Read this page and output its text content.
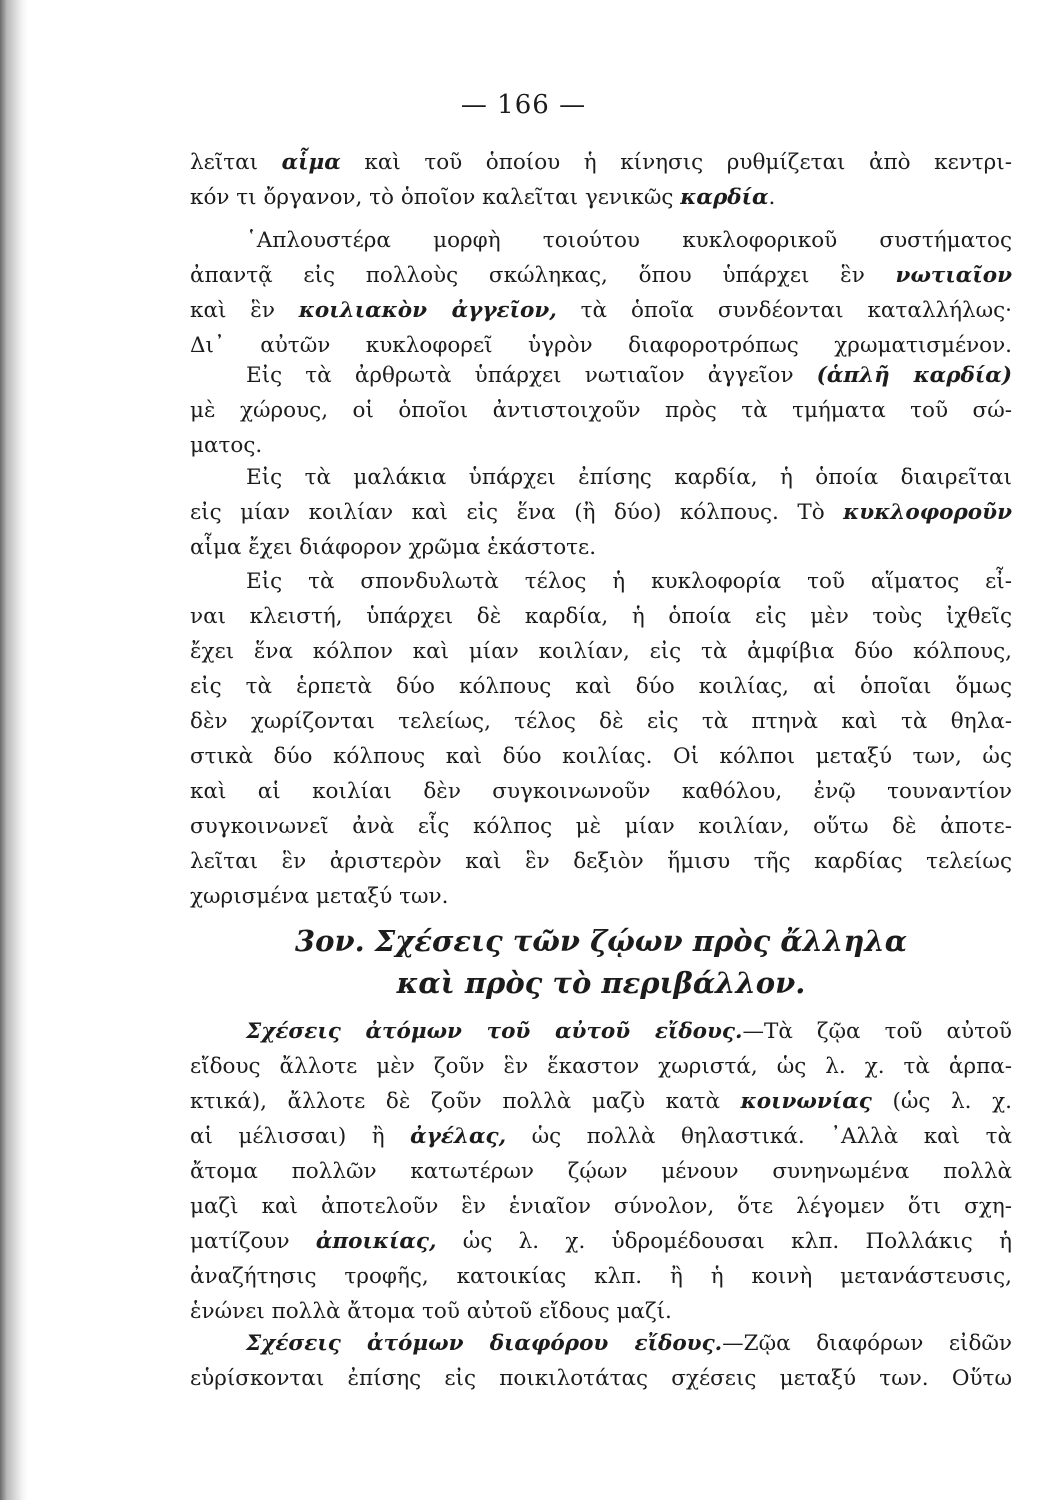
— 166 —
λεῖται αἷμα καὶ τοῦ ὁποίου ἡ κίνησις ρυθμίζεται ἀπὸ κεντρι-
κόν τι ὄργανον, τὸ ὁποῖον καλεῖται γενικῶς καρδία.
῾Απλουστέρα μορφὴ τοιούτου κυκλοφορικοῦ συστήματος
ἀπαντᾷ εἰς πολλοὺς σκώληκας, ὅπου ὑπάρχει ἓν νωτιαῖον
καὶ ἓν κοιλιακὸν ἀγγεῖον, τὰ ὁποῖα συνδέονται καταλλήλως·
Δι᾽ αὐτῶν κυκλοφορεῖ ὑγρὸν διαφοροτρόπως χρωματισμένον.
Εἰς τὰ ἀρθρωτὰ ὑπάρχει νωτιαῖον ἀγγεῖον (ἁπλῆ καρδία)
μὲ χώρους, οἱ ὁποῖοι ἀντιστοιχοῦν πρὸς τὰ τμήματα τοῦ σώ-
ματος.
Εἰς τὰ μαλάκια ὑπάρχει ἐπίσης καρδία, ἡ ὁποία διαιρεῖται
εἰς μίαν κοιλίαν καὶ εἰς ἕνα (ἢ δύο) κόλπους. Τὸ κυκλοφοροῦν
αἷμα ἔχει διάφορον χρῶμα ἑκάστοτε.
Εἰς τὰ σπονδυλωτὰ τέλος ἡ κυκλοφορία τοῦ αἵματος εἶ-
ναι κλειστή, ὑπάρχει δὲ καρδία, ἡ ὁποία εἰς μὲν τοὺς ἰχθεῖς
ἔχει ἕνα κόλπον καὶ μίαν κοιλίαν, εἰς τὰ ἀμφίβια δύο κόλπους,
εἰς τὰ ἑρπετὰ δύο κόλπους καὶ δύο κοιλίας, αἱ ὁποῖαι ὅμως
δὲν χωρίζονται τελείως, τέλος δὲ εἰς τὰ πτηνὰ καὶ τὰ θηλα-
στικὰ δύο κόλπους καὶ δύο κοιλίας. Οἱ κόλποι μεταξύ των, ὡς
καὶ αἱ κοιλίαι δὲν συγκοινωνοῦν καθόλου, ἐνῷ τουναντίον
συγκοινωνεῖ ἀνὰ εἷς κόλπος μὲ μίαν κοιλίαν, οὕτω δὲ ἀποτε-
λεῖται ἓν ἀριστερὸν καὶ ἓν δεξιὸν ἥμισυ τῆς καρδίας τελείως
χωρισμένα μεταξύ των.
3ον. Σχέσεις τῶν ζῴων πρὸς ἄλληλα
καὶ πρὸς τὸ περιβάλλον.
Σχέσεις ἀτόμων τοῦ αὐτοῦ εἴδους.—Τὰ ζῷα τοῦ αὐτοῦ
εἴδους ἄλλοτε μὲν ζοῦν ἓν ἕκαστον χωριστά, ὡς λ. χ. τὰ ἁρπα-
κτικά), ἄλλοτε δὲ ζοῦν πολλὰ μαζὺ κατὰ κοινωνίας (ὡς λ. χ.
αἱ μέλισσαι) ἢ ἀγέλας, ὡς πολλὰ θηλαστικά. ᾿Αλλὰ καὶ τὰ
ἄτομα πολλῶν κατωτέρων ζῴων μένουν συνηνωμένα πολλὰ
μαζὶ καὶ ἀποτελοῦν ἓν ἑνιαῖον σύνολον, ὅτε λέγομεν ὅτι σχη-
ματίζουν ἀποικίας, ὡς λ. χ. ὑδρομέδουσαι κλπ. Πολλάκις ἡ
ἀναζήτησις τροφῆς, κατοικίας κλπ. ἢ ἡ κοινὴ μετανάστευσις,
ἑνώνει πολλὰ ἄτομα τοῦ αὐτοῦ εἴδους μαζί.
Σχέσεις ἀτόμων διαφόρου εἴδους.—Ζῷα διαφόρων εἰδῶν
εὑρίσκονται ἐπίσης εἰς ποικιλοτάτας σχέσεις μεταξύ των. Οὕτω
